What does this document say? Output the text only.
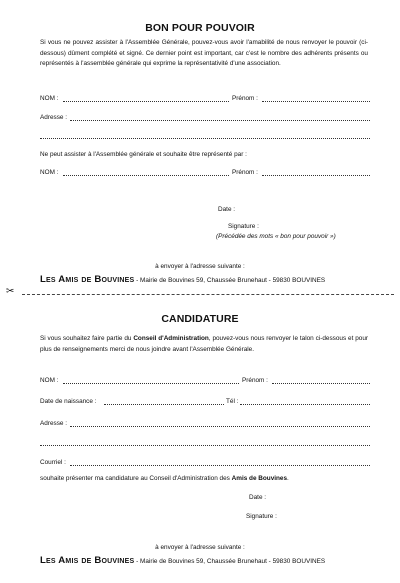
BON POUR POUVOIR
Si vous ne pouvez assister à l'Assemblée Générale, pouvez-vous avoir l'amabilité de nous renvoyer le pouvoir (ci-dessous) dûment complété et signé. Ce dernier point est important, car c'est le nombre des adhérents présents ou représentés à l'assemblée générale qui exprime la représentativité d'une association.
NOM :	Prénom :
Adresse :
Ne peut assister à l'Assemblée générale et souhaite être représenté par :
NOM :	Prénom :
Date :
Signature :
(Précédée des mots « bon pour pouvoir »)
à envoyer à l'adresse suivante :
Les Amis de Bouvines - Mairie de Bouvines 59, Chaussée Brunehaut - 59830 BOUVINES
✂
CANDIDATURE
Si vous souhaitez faire partie du Conseil d'Administration, pouvez-vous nous renvoyer le talon ci-dessous et pour plus de renseignements merci de nous joindre avant l'Assemblée Générale.
NOM :	Prénom :
Date de naissance :	Tél :
Adresse :
Courriel :
souhaite présenter ma candidature au Conseil d'Administration des Amis de Bouvines.
Date :
Signature :
à envoyer à l'adresse suivante :
Les Amis de Bouvines - Mairie de Bouvines 59, Chaussée Brunehaut - 59830 BOUVINES
